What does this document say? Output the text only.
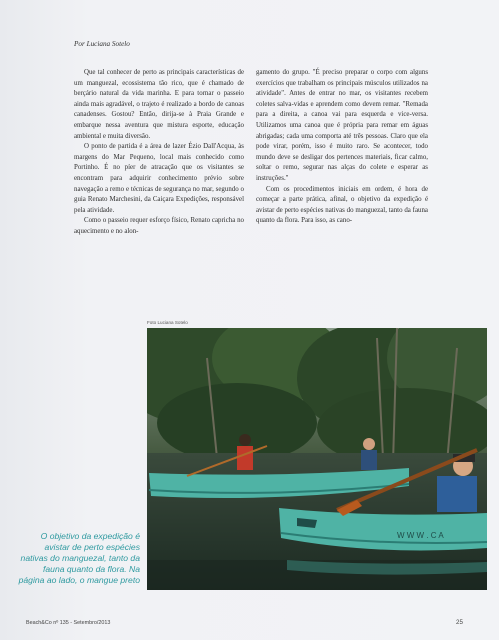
Por Luciana Sotelo

Que tal conhecer de perto as principais características de um manguezal, ecossistema tão rico, que é chamado de berçário natural da vida marinha. E para tornar o passeio ainda mais agradável, o trajeto é realizado a bordo de canoas canadenses. Gostou? Então, dirija-se à Praia Grande e embarque nessa aventura que mistura esporte, educação ambiental e muita diversão.

O ponto de partida é a área de lazer Ézio Dall'Acqua, às margens do Mar Pequeno, local mais conhecido como Portinho. É no píer de atracação que os visitantes se encontram para adquirir conhecimento prévio sobre navegação a remo e técnicas de segurança no mar, segundo o guia Renato Marchesini, da Caiçara Expedições, responsável pela atividade.

Como o passeio requer esforço físico, Renato capricha no aquecimento e no alon-

gamento do grupo. "É preciso preparar o corpo com alguns exercícios que trabalham os principais músculos utilizados na atividade". Antes de entrar no mar, os visitantes recebem coletes salva-vidas e aprendem como devem remar. "Remada para a direita, a canoa vai para esquerda e vice-versa. Utilizamos uma canoa que é própria para remar em águas abrigadas; cada uma comporta até três pessoas. Claro que ela pode virar, porém, isso é muito raro. Se acontecer, todo mundo deve se desligar dos pertences materiais, ficar calmo, soltar o remo, segurar nas alças do colete e esperar as instruções."

Com os procedimentos iniciais em ordem, é hora de começar a parte prática, afinal, o objetivo da expedição é avistar de perto espécies nativas do manguezal, tanto da fauna quanto da flora. Para isso, as cano-

Foto Luciana Sotelo
W W W . C A
O objetivo da expedição é avistar de perto espécies nativas do manguezal, tanto da fauna quanto da flora. Na página ao lado, o mangue preto
Beach&Co nº 135 - Setembro/2013	25
